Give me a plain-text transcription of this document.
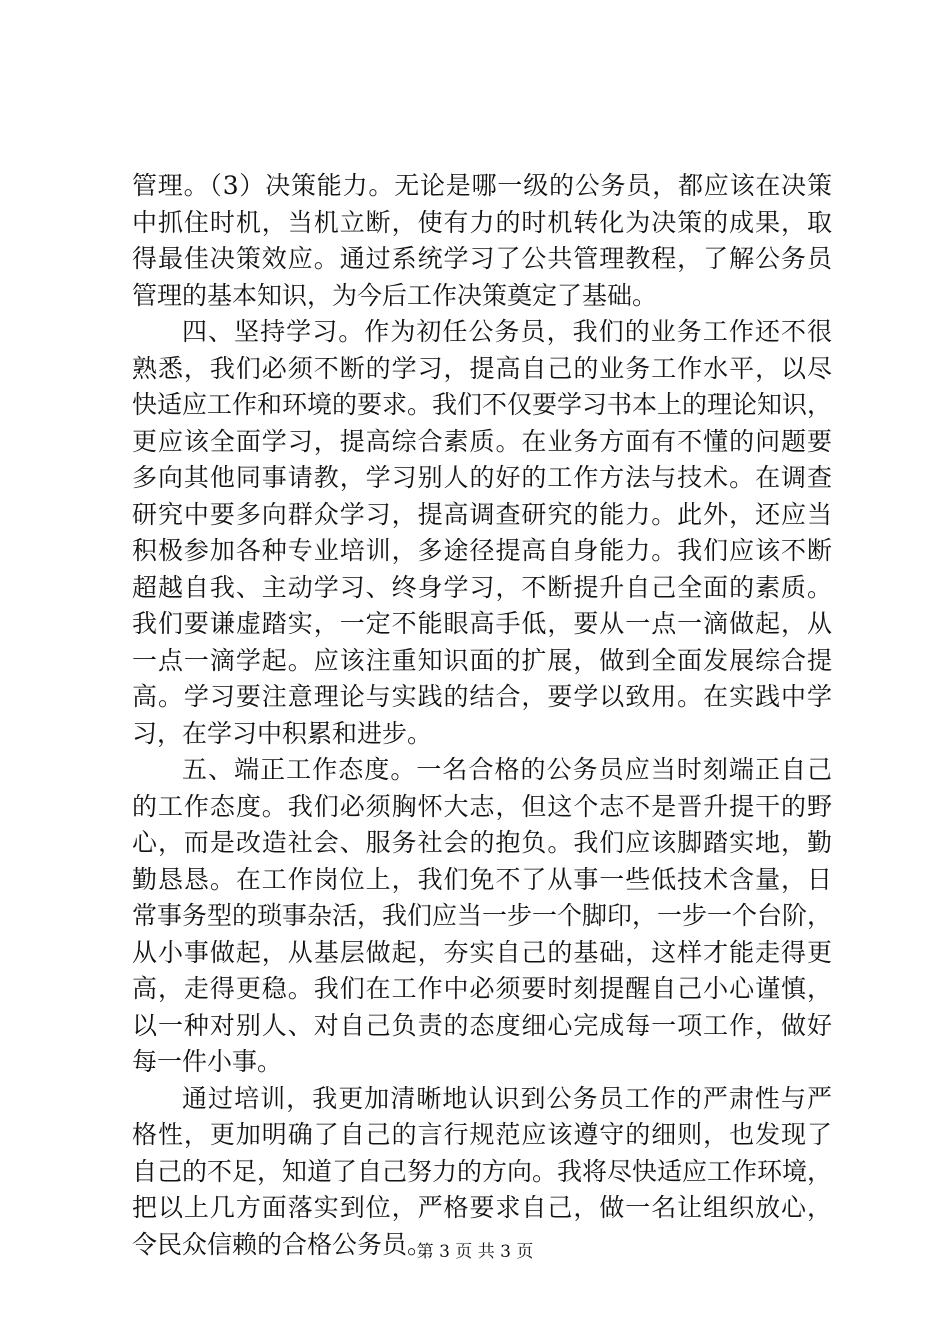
管理。（3）决策能力。无论是哪一级的公务员，都应该在决策
中抓住时机，当机立断，使有力的时机转化为决策的成果，取
得最佳决策效应。通过系统学习了公共管理教程，了解公务员
管理的基本知识，为今后工作决策奠定了基础。
四、坚持学习。作为初任公务员，我们的业务工作还不很
熟悉，我们必须不断的学习，提高自己的业务工作水平，以尽
快适应工作和环境的要求。我们不仅要学习书本上的理论知识，
更应该全面学习，提高综合素质。在业务方面有不懂的问题要
多向其他同事请教，学习别人的好的工作方法与技术。在调查
研究中要多向群众学习，提高调查研究的能力。此外，还应当
积极参加各种专业培训，多途径提高自身能力。我们应该不断
超越自我、主动学习、终身学习，不断提升自己全面的素质。
我们要谦虚踏实，一定不能眼高手低，要从一点一滴做起，从
一点一滴学起。应该注重知识面的扩展，做到全面发展综合提
高。学习要注意理论与实践的结合，要学以致用。在实践中学
习，在学习中积累和进步。
五、端正工作态度。一名合格的公务员应当时刻端正自己
的工作态度。我们必须胸怀大志，但这个志不是晋升提干的野
心，而是改造社会、服务社会的抱负。我们应该脚踏实地，勤
勤恳恳。在工作岗位上，我们免不了从事一些低技术含量，日
常事务型的琐事杂活，我们应当一步一个脚印，一步一个台阶，
从小事做起，从基层做起，夯实自己的基础，这样才能走得更
高，走得更稳。我们在工作中必须要时刻提醒自己小心谨慎，
以一种对别人、对自己负责的态度细心完成每一项工作，做好
每一件小事。
通过培训，我更加清晰地认识到公务员工作的严肃性与严
格性，更加明确了自己的言行规范应该遵守的细则，也发现了
自己的不足，知道了自己努力的方向。我将尽快适应工作环境，
把以上几方面落实到位，严格要求自己，做一名让组织放心，
令民众信赖的合格公务员。
第 3 页 共 3 页
